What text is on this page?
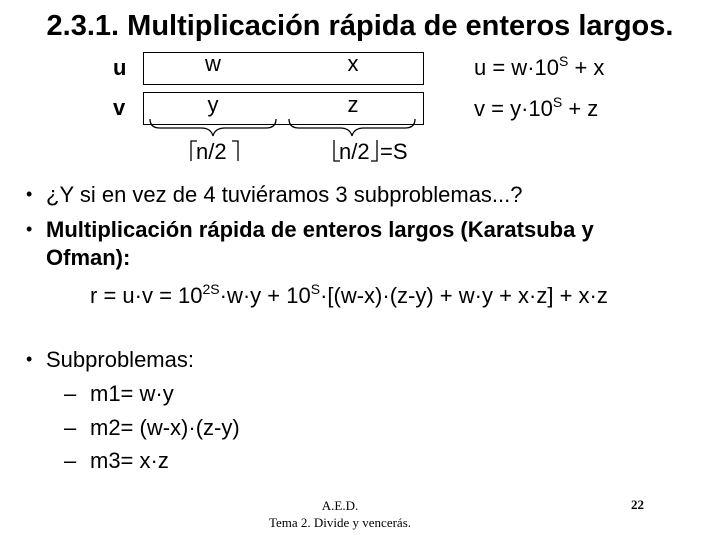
2.3.1. Multiplicación rápida de enteros largos.
u
v
w	x
y	z
$u = w\cdot 10^S + x$
$v = y\cdot 10^S + z$
n/2	n/2 =S
• ¿Y si en vez de 4 tuviéramos 3 subproblemas...?
• Multiplicación rápida de enteros largos (Karatsuba y Ofman):
$r = u\cdot v = 10^{2S}\cdot w\cdot y + 10^S\cdot[(w-x)\cdot(z-y) + w\cdot y + x\cdot z] + x\cdot z$
• Subproblemas:
– m1= w·y
– m2= (w-x)·(z-y)
– m3= x·z
A.E.D.
Tema 2. Divide y vencerás.
22
